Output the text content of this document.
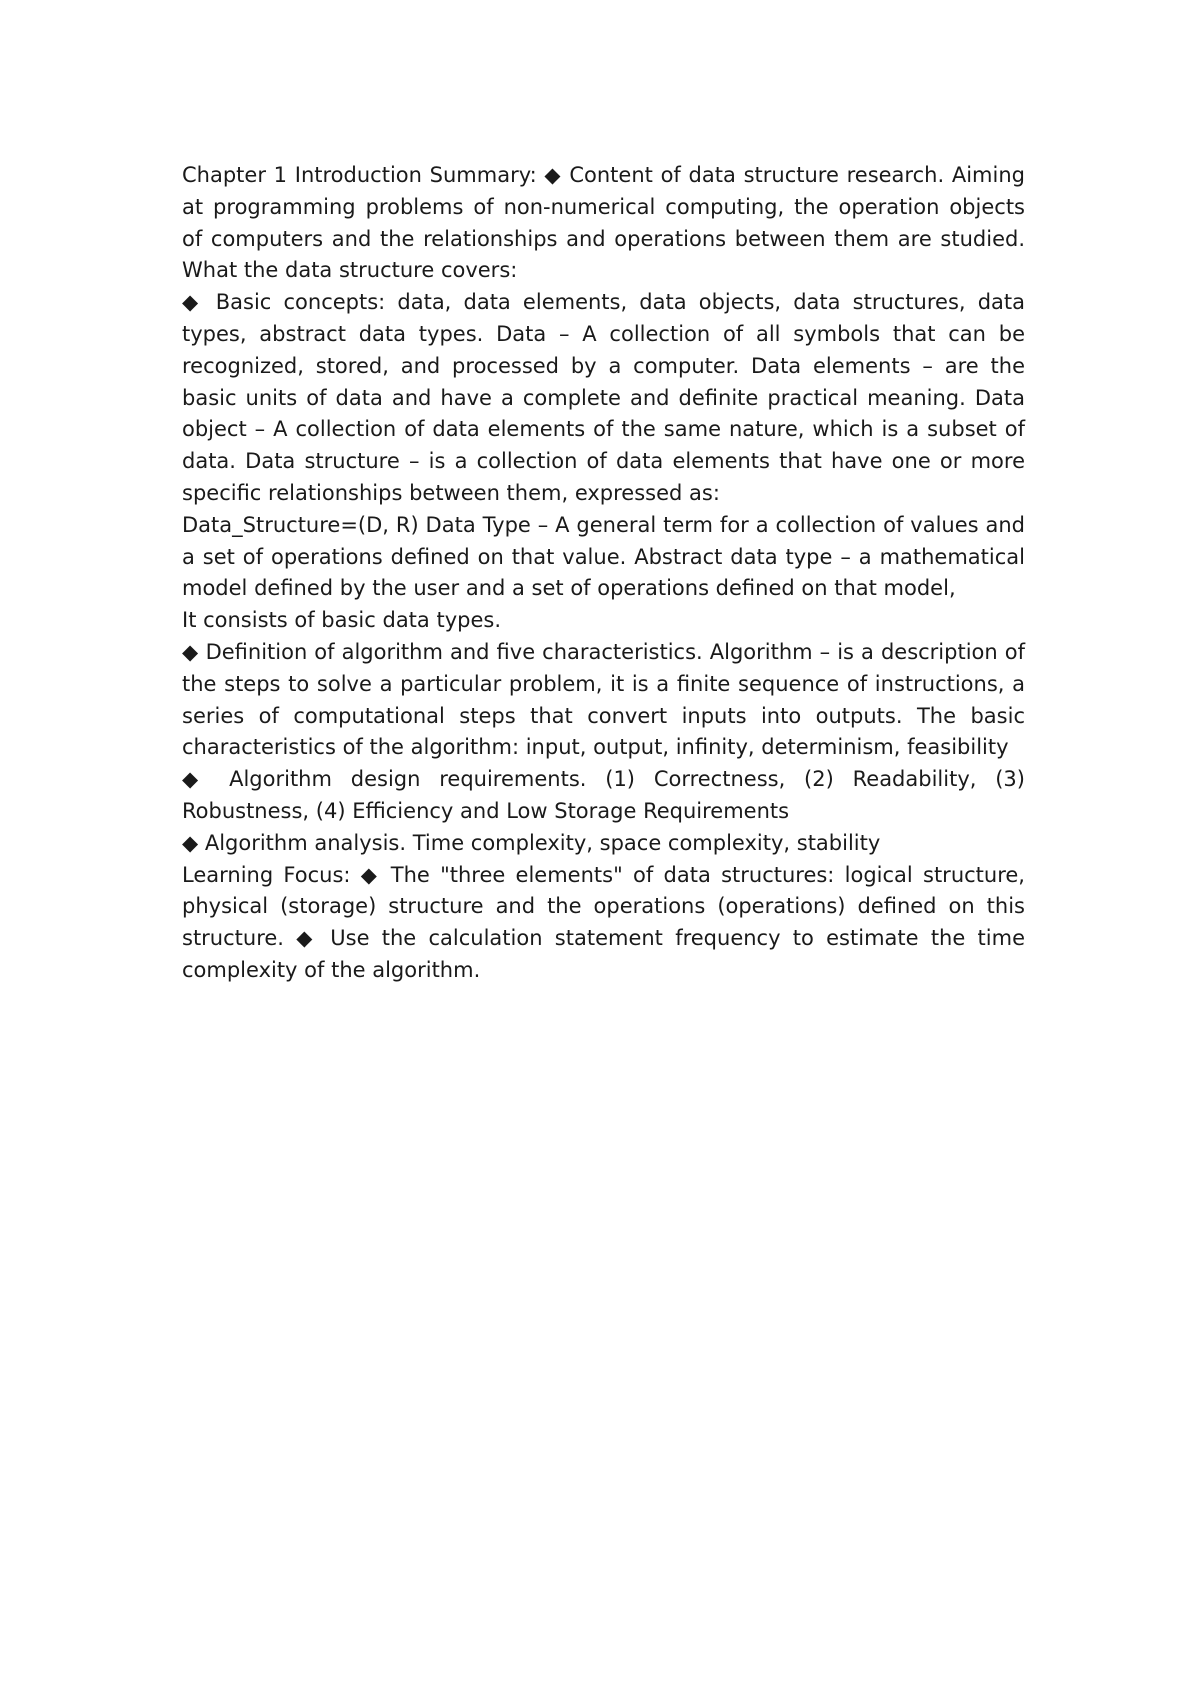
Chapter 1 Introduction Summary: ◆ Content of data structure research. Aiming at programming problems of non-numerical computing, the operation objects of computers and the relationships and operations between them are studied. What the data structure covers:

◆ Basic concepts: data, data elements, data objects, data structures, data types, abstract data types. Data – A collection of all symbols that can be recognized, stored, and processed by a computer. Data elements – are the basic units of data and have a complete and definite practical meaning. Data object – A collection of data elements of the same nature, which is a subset of data. Data structure – is a collection of data elements that have one or more specific relationships between them, expressed as:

Data_Structure=(D, R) Data Type – A general term for a collection of values and a set of operations defined on that value. Abstract data type – a mathematical model defined by the user and a set of operations defined on that model,

It consists of basic data types.

◆ Definition of algorithm and five characteristics. Algorithm – is a description of the steps to solve a particular problem, it is a finite sequence of instructions, a series of computational steps that convert inputs into outputs. The basic characteristics of the algorithm: input, output, infinity, determinism, feasibility

◆ Algorithm design requirements. (1) Correctness, (2) Readability, (3) Robustness, (4) Efficiency and Low Storage Requirements

◆ Algorithm analysis. Time complexity, space complexity, stability

Learning Focus: ◆ The "three elements" of data structures: logical structure, physical (storage) structure and the operations (operations) defined on this structure. ◆ Use the calculation statement frequency to estimate the time complexity of the algorithm.
